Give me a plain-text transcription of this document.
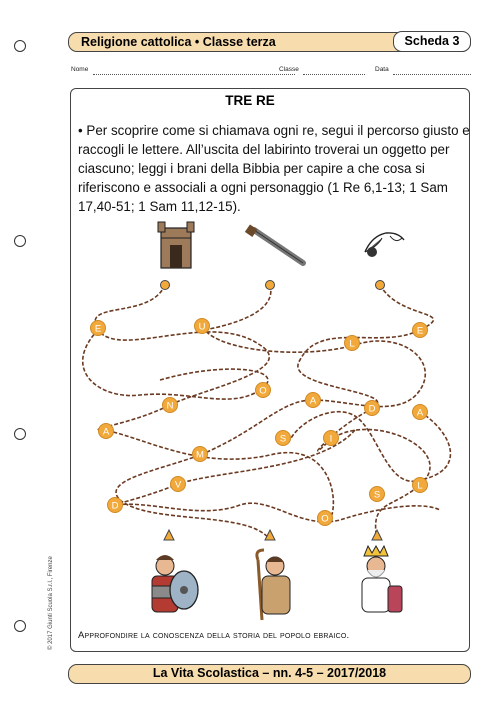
Religione cattolica • Classe terza	Scheda 3
Nome	Classe	Data
TRE RE
• Per scoprire come si chiamava ogni re, segui il percorso giusto e raccogli le lettere. All’uscita del labirinto troverai un oggetto per ciascuno; leggi i brani della Bibbia per capire a che cosa si riferiscono e associali a ogni personaggio (1 Re 6,1-13; 1 Sam 17,40-51; 1 Sam 11,12-15).
E	U
L
E
N
O
A
D
A
A
M
S	I
L
V
S
D
O
Approfondire la conoscenza della storia del popolo ebraico.
© 2017 Giunti Scuola S.r.l., Firenze
La Vita Scolastica – nn. 4-5 – 2017/2018
